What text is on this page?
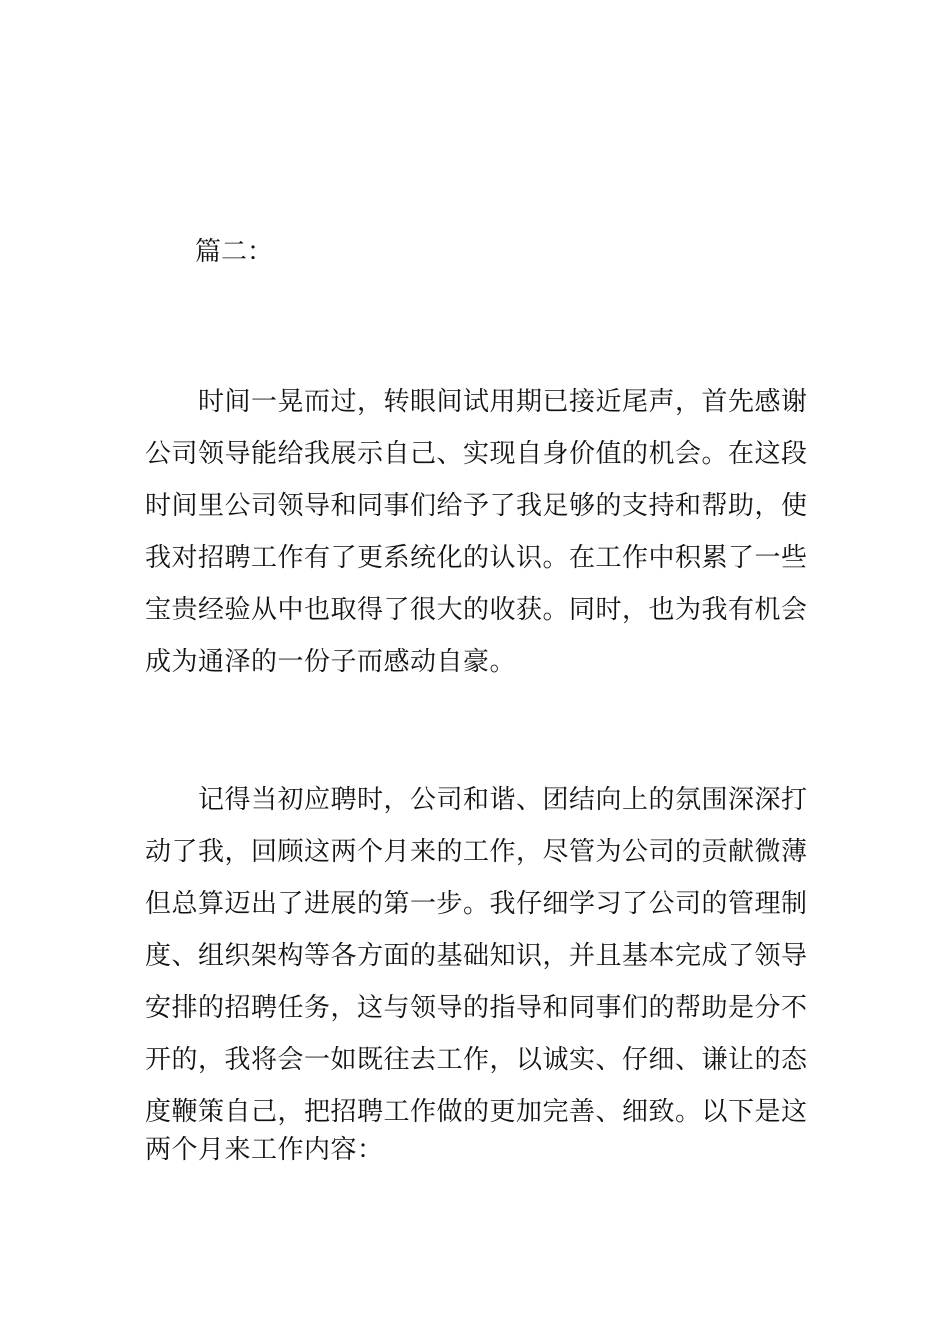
篇二：
时间一晃而过，转眼间试用期已接近尾声，首先感谢
公司领导能给我展示自己、实现自身价值的机会。在这段
时间里公司领导和同事们给予了我足够的支持和帮助，使
我对招聘工作有了更系统化的认识。在工作中积累了一些
宝贵经验从中也取得了很大的收获。同时，也为我有机会
成为通泽的一份子而感动自豪。
记得当初应聘时，公司和谐、团结向上的氛围深深打
动了我，回顾这两个月来的工作，尽管为公司的贡献微薄
但总算迈出了进展的第一步。我仔细学习了公司的管理制
度、组织架构等各方面的基础知识，并且基本完成了领导
安排的招聘任务，这与领导的指导和同事们的帮助是分不
开的，我将会一如既往去工作，以诚实、仔细、谦让的态
度鞭策自己，把招聘工作做的更加完善、细致。以下是这
两个月来工作内容：
